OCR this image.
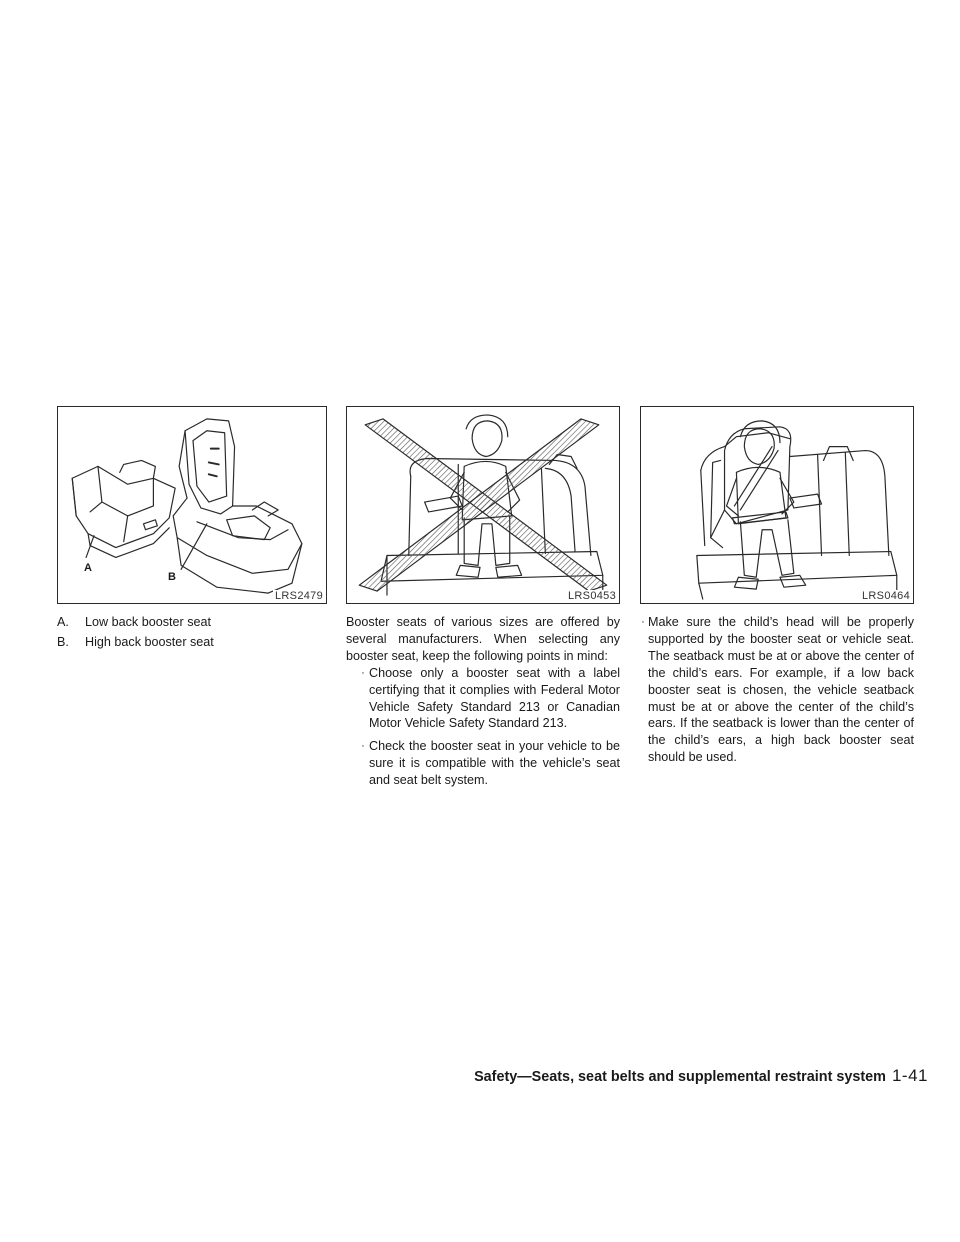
A
B
LRS2479	LRS0453	LRS0464
A.	Low back booster seat
B.	High back booster seat

Booster seats of various sizes are offered by several manufacturers. When selecting any booster seat, keep the following points in mind:

· Choose only a booster seat with a label certifying that it complies with Federal Motor Vehicle Safety Standard 213 or Canadian Motor Vehicle Safety Standard 213.
· Check the booster seat in your vehicle to be sure it is compatible with the vehicle’s seat and seat belt system.
· Make sure the child’s head will be properly supported by the booster seat or vehicle seat. The seatback must be at or above the center of the child’s ears. For example, if a low back booster seat is chosen, the vehicle seatback must be at or above the center of the child’s ears. If the seatback is lower than the center of the child’s ears, a high back booster seat should be used.
Safety—Seats, seat belts and supplemental restraint system 1-41
